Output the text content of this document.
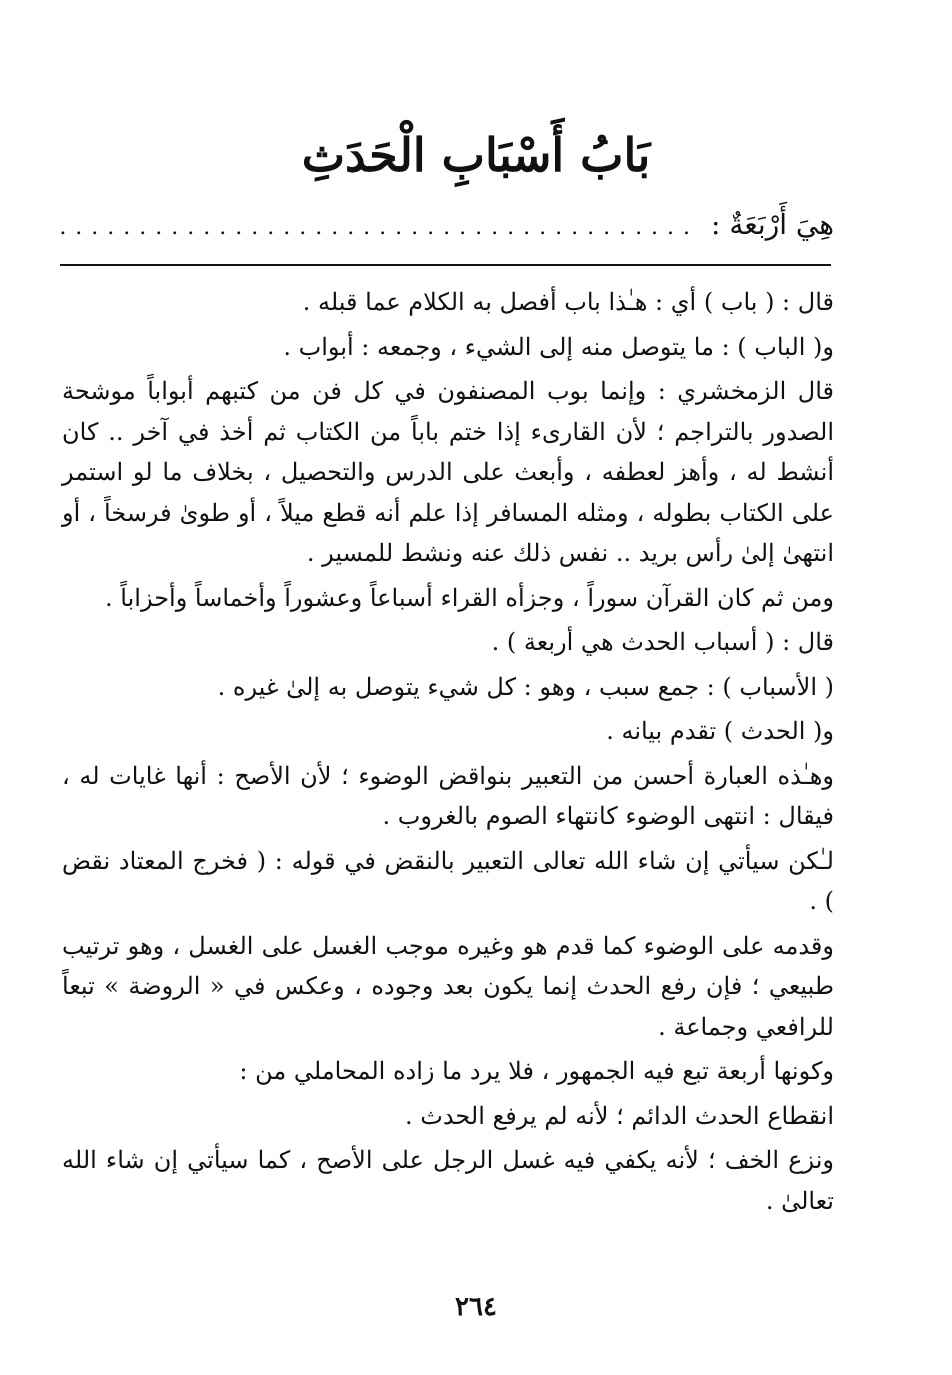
بَابُ أَسْبَابِ الْحَدَثِ
هِيَ أَرْبَعَةٌ :
........................................

قال : ( باب ) أي : هـٰذا باب أفصل به الكلام عما قبله .

و( الباب ) : ما يتوصل منه إلى الشيء ، وجمعه : أبواب .

قال الزمخشري : وإنما بوب المصنفون في كل فن من كتبهم أبواباً موشحة الصدور بالتراجم ؛ لأن القارىء إذا ختم باباً من الكتاب ثم أخذ في آخر .. كان أنشط له ، وأهز لعطفه ، وأبعث على الدرس والتحصيل ، بخلاف ما لو استمر على الكتاب بطوله ، ومثله المسافر إذا علم أنه قطع ميلاً ، أو طوىٰ فرسخاً ، أو انتهىٰ إلىٰ رأس بريد .. نفس ذلك عنه ونشط للمسير .

ومن ثم كان القرآن سوراً ، وجزأه القراء أسباعاً وعشوراً وأخماساً وأحزاباً .

قال : ( أسباب الحدث هي أربعة ) .

( الأسباب ) : جمع سبب ، وهو : كل شيء يتوصل به إلىٰ غيره .

و( الحدث ) تقدم بيانه .

وهـٰذه العبارة أحسن من التعبير بنواقض الوضوء ؛ لأن الأصح : أنها غايات له ، فيقال : انتهى الوضوء كانتهاء الصوم بالغروب .

لـٰكن سيأتي إن شاء الله تعالى التعبير بالنقض في قوله : ( فخرج المعتاد نقض ) .

وقدمه على الوضوء كما قدم هو وغيره موجب الغسل على الغسل ، وهو ترتيب طبيعي ؛ فإن رفع الحدث إنما يكون بعد وجوده ، وعكس في « الروضة » تبعاً للرافعي وجماعة .

وكونها أربعة تبع فيه الجمهور ، فلا يرد ما زاده المحاملي من :

انقطاع الحدث الدائم ؛ لأنه لم يرفع الحدث .

ونزع الخف ؛ لأنه يكفي فيه غسل الرجل على الأصح ، كما سيأتي إن شاء الله تعالىٰ .

٢٦٤
